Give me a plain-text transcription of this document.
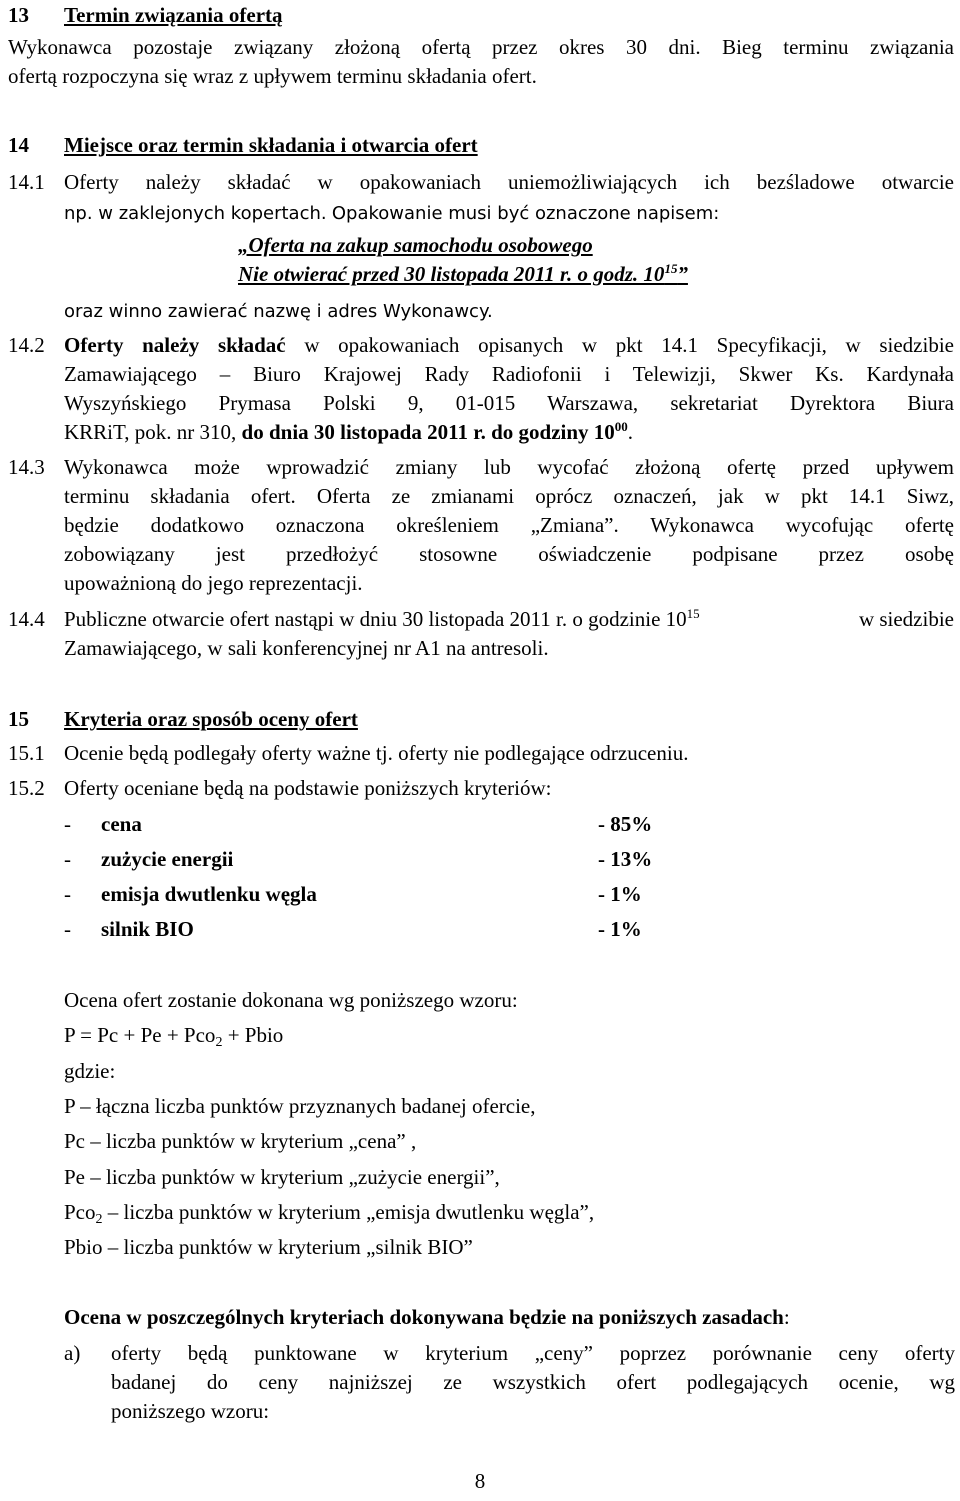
13 Termin związania ofertą
Wykonawca pozostaje związany złożoną ofertą przez okres 30 dni. Bieg terminu związania
ofertą rozpoczyna się wraz z upływem terminu składania ofert.
14 Miejsce oraz termin składania i otwarcia ofert
14.1 Oferty należy składać w opakowaniach uniemożliwiających ich bezśladowe otwarcie
np. w zaklejonych kopertach. Opakowanie musi być oznaczone napisem:
„Oferta na zakup samochodu osobowego
Nie otwierać przed 30 listopada 2011 r. o godz. $10^{15}$”
oraz winno zawierać nazwę i adres Wykonawcy.
14.2 Oferty należy składać w opakowaniach opisanych w pkt 14.1 Specyfikacji, w siedzibie
Zamawiającego – Biuro Krajowej Rady Radiofonii i Telewizji, Skwer Ks. Kardynała
Wyszyńskiego Prymasa Polski 9, 01-015 Warszawa, sekretariat Dyrektora Biura
KRRiT, pok. nr 310, do dnia 30 listopada 2011 r. do godziny $10^{00}$.
14.3 Wykonawca może wprowadzić zmiany lub wycofać złożoną ofertę przed upływem
terminu składania ofert. Oferta ze zmianami oprócz oznaczeń, jak w pkt 14.1 Siwz,
będzie dodatkowo oznaczona określeniem „Zmiana”. Wykonawca wycofując ofertę
zobowiązany jest przedłożyć stosowne oświadczenie podpisane przez osobę
upoważnioną do jego reprezentacji.
14.4 Publiczne otwarcie ofert nastąpi w dniu 30 listopada 2011 r. o godzinie $10^{15}$	w siedzibie
Zamawiającego, w sali konferencyjnej nr A1 na antresoli.
15 Kryteria oraz sposób oceny ofert
15.1 Ocenie będą podlegały oferty ważne tj. oferty nie podlegające odrzuceniu.
15.2 Oferty oceniane będą na podstawie poniższych kryteriów:
- cena	- 85%
- zużycie energii	- 13%
- emisja dwutlenku węgla	- 1%
- silnik BIO	- 1%
Ocena ofert zostanie dokonana wg poniższego wzoru:
P = Pc + Pe + Pco$_2$ + Pbio
gdzie:
P – łączna liczba punktów przyznanych badanej ofercie,
Pc – liczba punktów w kryterium „cena” ,
Pe – liczba punktów w kryterium „zużycie energii”,
Pco$_2$ – liczba punktów w kryterium „emisja dwutlenku węgla”,
Pbio – liczba punktów w kryterium „silnik BIO”
Ocena w poszczególnych kryteriach dokonywana będzie na poniższych zasadach:
a) oferty będą punktowane w kryterium „ceny” poprzez porównanie ceny oferty
badanej do ceny najniższej ze wszystkich ofert podlegających ocenie, wg
poniższego wzoru:
8
